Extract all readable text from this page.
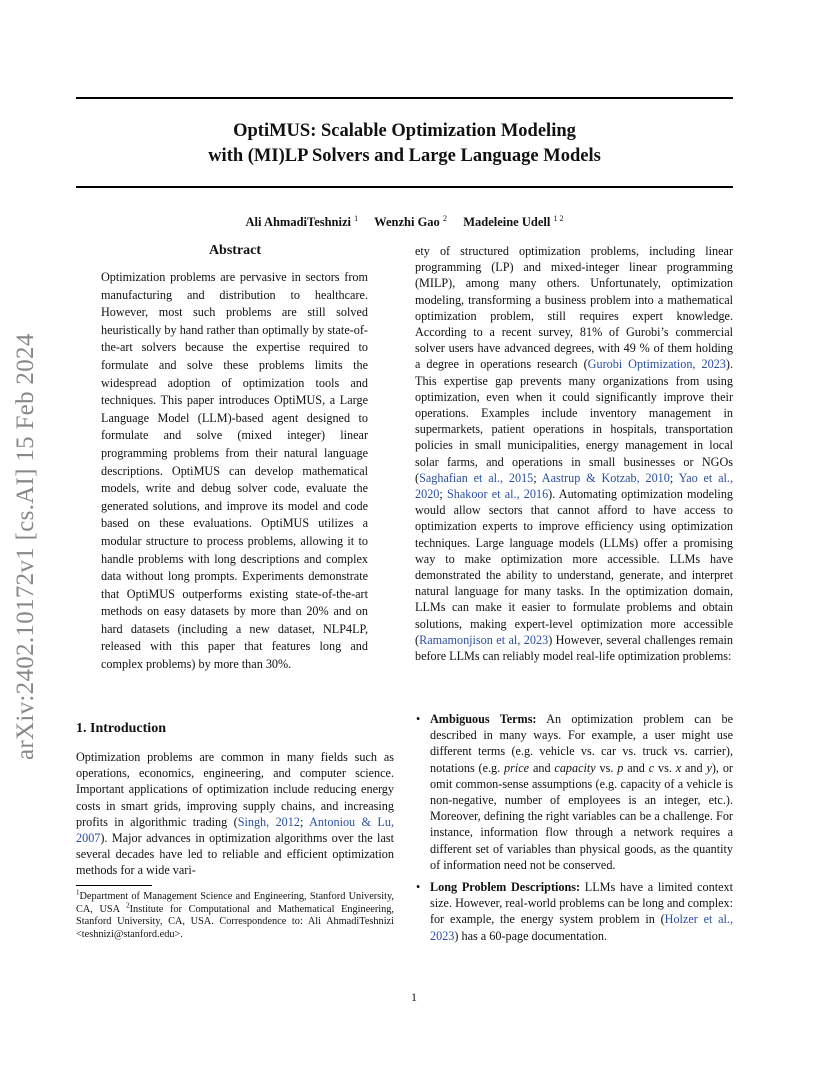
arXiv:2402.10172v1 [cs.AI] 15 Feb 2024
OptiMUS: Scalable Optimization Modeling
with (MI)LP Solvers and Large Language Models
Ali AhmadiTeshnizi $^1$ Wenzhi Gao $^2$ Madeleine Udell $^{1 2}$
Abstract
Optimization problems are pervasive in sectors from manufacturing and distribution to healthcare. However, most such problems are still solved heuristically by hand rather than optimally by state-of-the-art solvers because the expertise required to formulate and solve these problems limits the widespread adoption of optimization tools and techniques. This paper introduces OptiMUS, a Large Language Model (LLM)-based agent designed to formulate and solve (mixed integer) linear programming problems from their natural language descriptions. OptiMUS can develop mathematical models, write and debug solver code, evaluate the generated solutions, and improve its model and code based on these evaluations. OptiMUS utilizes a modular structure to process problems, allowing it to handle problems with long descriptions and complex data without long prompts. Experiments demonstrate that OptiMUS outperforms existing state-of-the-art methods on easy datasets by more than 20% and on hard datasets (including a new dataset, NLP4LP, released with this paper that features long and complex problems) by more than 30%.
1. Introduction
Optimization problems are common in many fields such as operations, economics, engineering, and computer science. Important applications of optimization include reducing energy costs in smart grids, improving supply chains, and increasing profits in algorithmic trading (Singh, 2012; Antoniou & Lu, 2007). Major advances in optimization algorithms over the last several decades have led to reliable and efficient optimization methods for a wide vari-
$^1$Department of Management Science and Engineering, Stanford University, CA, USA $^2$Institute for Computational and Mathematical Engineering, Stanford University, CA, USA. Correspondence to: Ali AhmadiTeshnizi <teshnizi@stanford.edu>.
ety of structured optimization problems, including linear programming (LP) and mixed-integer linear programming (MILP), among many others. Unfortunately, optimization modeling, transforming a business problem into a mathematical optimization problem, still requires expert knowledge. According to a recent survey, 81% of Gurobi’s commercial solver users have advanced degrees, with 49 % of them holding a degree in operations research (Gurobi Optimization, 2023). This expertise gap prevents many organizations from using optimization, even when it could significantly improve their operations. Examples include inventory management in supermarkets, patient operations in hospitals, transportation policies in small municipalities, energy management in local solar farms, and operations in small businesses or NGOs (Saghafian et al., 2015; Aastrup & Kotzab, 2010; Yao et al., 2020; Shakoor et al., 2016). Automating optimization modeling would allow sectors that cannot afford to have access to optimization experts to improve efficiency using optimization techniques. Large language models (LLMs) offer a promising way to make optimization more accessible. LLMs have demonstrated the ability to understand, generate, and interpret natural language for many tasks. In the optimization domain, LLMs can make it easier to formulate problems and obtain solutions, making expert-level optimization more accessible (Ramamonjison et al, 2023) However, several challenges remain before LLMs can reliably model real-life optimization problems:
• Ambiguous Terms: An optimization problem can be described in many ways. For example, a user might use different terms (e.g. vehicle vs. car vs. truck vs. carrier), notations (e.g. price and capacity vs. p and c vs. x and y), or omit common-sense assumptions (e.g. capacity of a vehicle is non-negative, number of employees is an integer, etc.). Moreover, defining the right variables can be a challenge. For instance, information flow through a network requires a different set of variables than physical goods, as the quantity of information need not be conserved.
• Long Problem Descriptions: LLMs have a limited context size. However, real-world problems can be long and complex: for example, the energy system problem in (Holzer et al., 2023) has a 60-page documentation.
1
